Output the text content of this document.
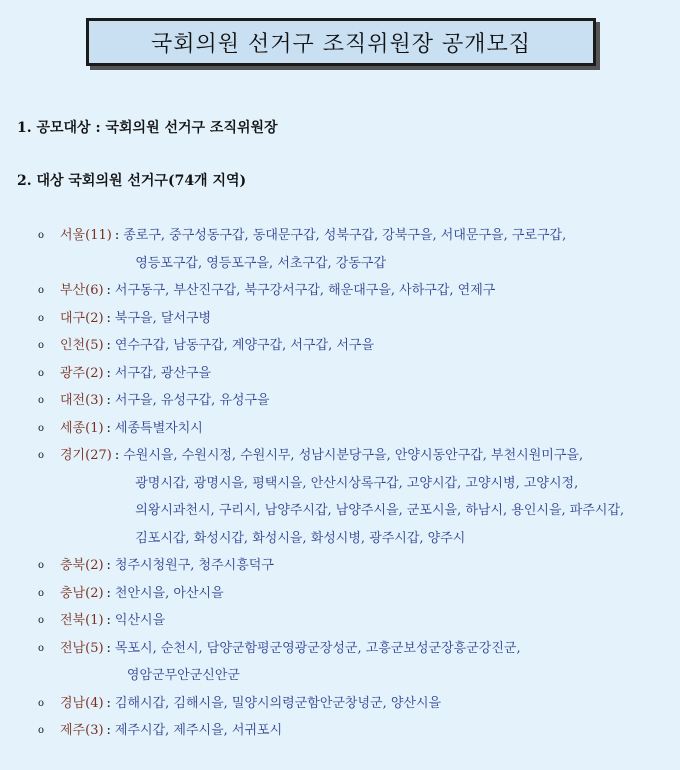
국회의원 선거구 조직위원장 공개모집
1. 공모대상 : 국회의원 선거구 조직위원장
2. 대상 국회의원 선거구(74개 지역)
o	서울(11) : 종로구, 중구성동구갑, 동대문구갑, 성북구갑, 강북구을, 서대문구을, 구로구갑,
영등포구갑, 영등포구을, 서초구갑, 강동구갑
o	부산(6) : 서구동구, 부산진구갑, 북구강서구갑, 해운대구을, 사하구갑, 연제구
o	대구(2) : 북구을, 달서구병
o	인천(5) : 연수구갑, 남동구갑, 계양구갑, 서구갑, 서구을
o	광주(2) : 서구갑, 광산구을
o	대전(3) : 서구을, 유성구갑, 유성구을
o	세종(1) : 세종특별자치시
o	경기(27) : 수원시을, 수원시정, 수원시무, 성남시분당구을, 안양시동안구갑, 부천시원미구을,
광명시갑, 광명시을, 평택시을, 안산시상록구갑, 고양시갑, 고양시병, 고양시정,
의왕시과천시, 구리시, 남양주시갑, 남양주시을, 군포시을, 하남시, 용인시을, 파주시갑,
김포시갑, 화성시갑, 화성시을, 화성시병, 광주시갑, 양주시
o	충북(2) : 청주시청원구, 청주시흥덕구
o	충남(2) : 천안시을, 아산시을
o	전북(1) : 익산시을
o	전남(5) : 목포시, 순천시, 담양군함평군영광군장성군, 고흥군보성군장흥군강진군,
영암군무안군신안군
o	경남(4) : 김해시갑, 김해시을, 밀양시의령군함안군창녕군, 양산시을
o	제주(3) : 제주시갑, 제주시을, 서귀포시
